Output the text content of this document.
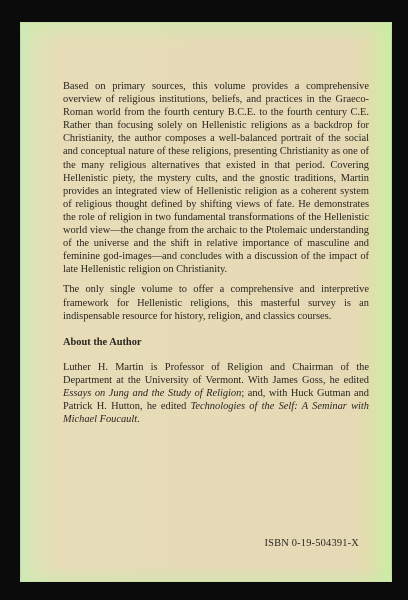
Based on primary sources, this volume provides a comprehensive overview of religious institutions, beliefs, and practices in the Graeco-Roman world from the fourth century B.C.E. to the fourth century C.E. Rather than focusing solely on Hellenistic religions as a backdrop for Christianity, the author composes a well-balanced portrait of the social and conceptual nature of these religions, presenting Christianity as one of the many religious alternatives that existed in that period. Covering Hellenistic piety, the mystery cults, and the gnostic traditions, Martin provides an integrated view of Hellenistic religion as a coherent system of religious thought defined by shifting views of fate. He demonstrates the role of religion in two fundamental transformations of the Hellenistic world view—the change from the archaic to the Ptolemaic understanding of the universe and the shift in relative importance of masculine and feminine god-images—and concludes with a discussion of the impact of late Hellenistic religion on Christianity.

The only single volume to offer a comprehensive and interpretive framework for Hellenistic religions, this masterful survey is an indispensable resource for history, religion, and classics courses.

About the Author

Luther H. Martin is Professor of Religion and Chairman of the Department at the University of Vermont. With James Goss, he edited Essays on Jung and the Study of Religion; and, with Huck Gutman and Patrick H. Hutton, he edited Technologies of the Self: A Seminar with Michael Foucault.

ISBN 0-19-504391-X
